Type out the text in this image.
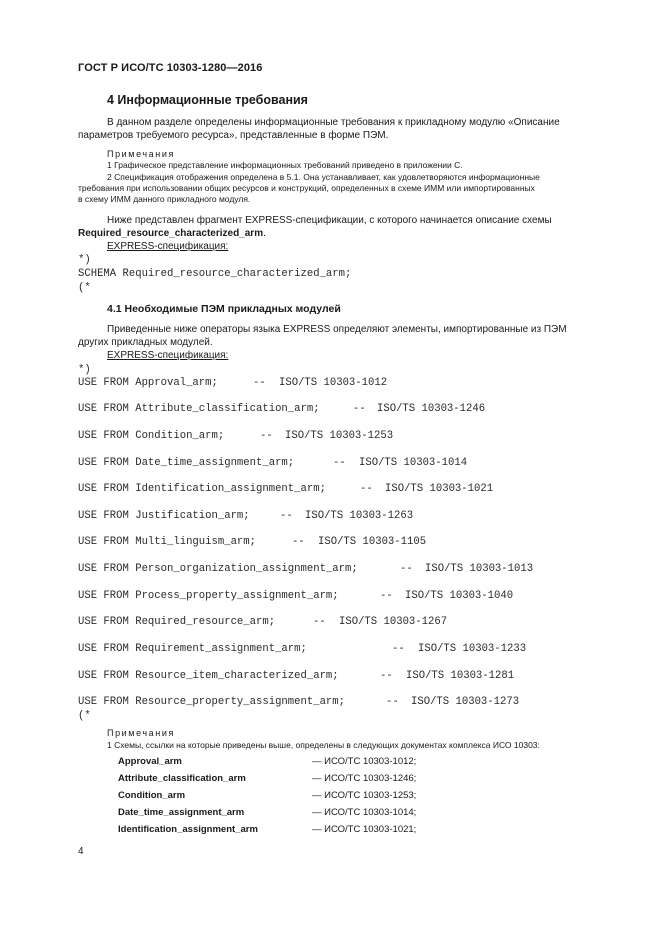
ГОСТ Р ИСО/ТС 10303-1280—2016
4 Информационные требования
В данном разделе определены информационные требования к прикладному модулю «Описание
параметров требуемого ресурса», представленные в форме ПЭМ.
Примечания
1 Графическое представление информационных требований приведено в приложении С.
2 Спецификация отображения определена в 5.1. Она устанавливает, как удовлетворяются информационные
требования при использовании общих ресурсов и конструкций, определенных в схеме ИММ или импортированных
в схему ИММ данного прикладного модуля.
Ниже представлен фрагмент EXPRESS-спецификации, с которого начинается описание схемы
Required_resource_characterized_arm.
EXPRESS-спецификация:
*)
SCHEMA Required_resource_characterized_arm;
(*
4.1 Необходимые ПЭМ прикладных модулей
Приведенные ниже операторы языка EXPRESS определяют элементы, импортированные из ПЭМ
других прикладных модулей.
EXPRESS-спецификация:
*)
USE FROM Approval_arm;	-- ISO/TS 10303-1012
USE FROM Attribute_classification_arm;	-- ISO/TS 10303-1246
USE FROM Condition_arm;	-- ISO/TS 10303-1253
USE FROM Date_time_assignment_arm;	-- ISO/TS 10303-1014
USE FROM Identification_assignment_arm;	-- ISO/TS 10303-1021
USE FROM Justification_arm;	-- ISO/TS 10303-1263
USE FROM Multi_linguism_arm;	-- ISO/TS 10303-1105
USE FROM Person_organization_assignment_arm;	-- ISO/TS 10303-1013
USE FROM Process_property_assignment_arm;	-- ISO/TS 10303-1040
USE FROM Required_resource_arm;	-- ISO/TS 10303-1267
USE FROM Requirement_assignment_arm;	-- ISO/TS 10303-1233
USE FROM Resource_item_characterized_arm;	-- ISO/TS 10303-1281
USE FROM Resource_property_assignment_arm;	-- ISO/TS 10303-1273
(*
Примечания
1 Схемы, ссылки на которые приведены выше, определены в следующих документах комплекса ИСО 10303:
Approval_arm	— ИСО/ТС 10303-1012;
Attribute_classification_arm	— ИСО/ТС 10303-1246;
Condition_arm	— ИСО/ТС 10303-1253;
Date_time_assignment_arm	— ИСО/ТС 10303-1014;
Identification_assignment_arm	— ИСО/ТС 10303-1021;
4
